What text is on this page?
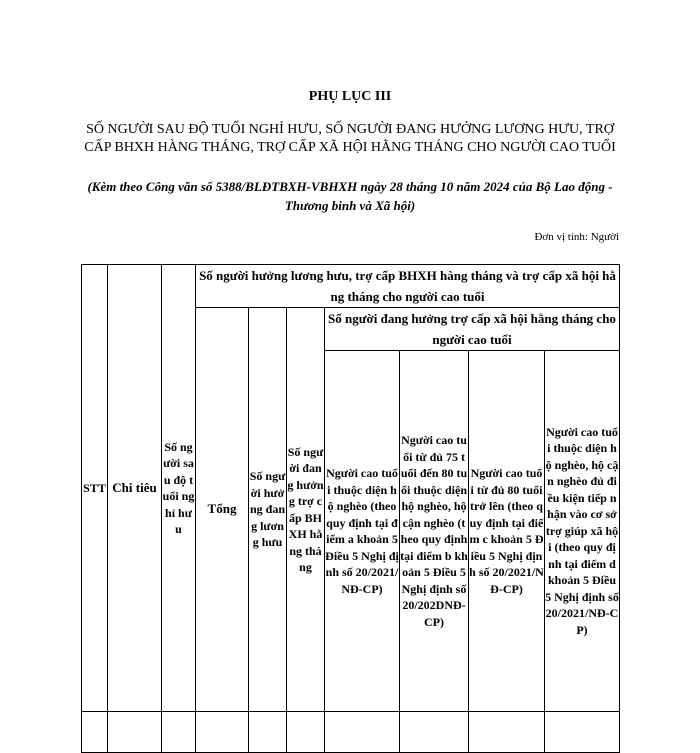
PHỤ LỤC III
SỐ NGƯỜI SAU ĐỘ TUỔI NGHỈ HƯU, SỐ NGƯỜI ĐANG HƯỞNG LƯƠNG HƯU, TRỢ CẤP BHXH HÀNG THÁNG, TRỢ CẤP XÃ HỘI HẰNG THÁNG CHO NGƯỜI CAO TUỔI
(Kèm theo Công văn số 5388/BLĐTBXH-VBHXH ngày 28 tháng 10 năm 2024 của Bộ Lao động - Thương binh và Xã hội)
Đơn vị tính: Người
STT	Chi tiêu	Số người sau độ tuổi nghỉ hưu	Số người hưởng lương hưu, trợ cấp BHXH hàng tháng và trợ cấp xã hội hằng tháng cho người cao tuổi						
			Tổng	Số người hưởng đang lương hưu	Số người đang hưởng trợ cấp BHXH hằng tháng	Số người đang hưởng trợ cấp xã hội hằng tháng cho người cao tuổi			
						Người cao tuổi thuộc diện hộ nghèo (theo quy định tại điểm a khoản 5 Điều 5 Nghị định số 20/2021/NĐ-CP)	Người cao tuổi từ đủ 75 tuổi đến 80 tuổi thuộc diện hộ nghèo, hộ cận nghèo (theo quy định tại điểm b khoản 5 Điều 5 Nghị định số 20/202DNĐ-CP)	Người cao tuổi từ đủ 80 tuổi trở lên (theo quy định tại điểm c khoản 5 Điều 5 Nghị định số 20/2021/NĐ-CP)	Người cao tuổi thuộc diện hộ nghèo, hộ cận nghèo đủ điều kiện tiếp nhận vào cơ sở trợ giúp xã hội (theo quy định tại điểm d khoản 5 Điều 5 Nghị định số 20/2021/NĐ-CP)
